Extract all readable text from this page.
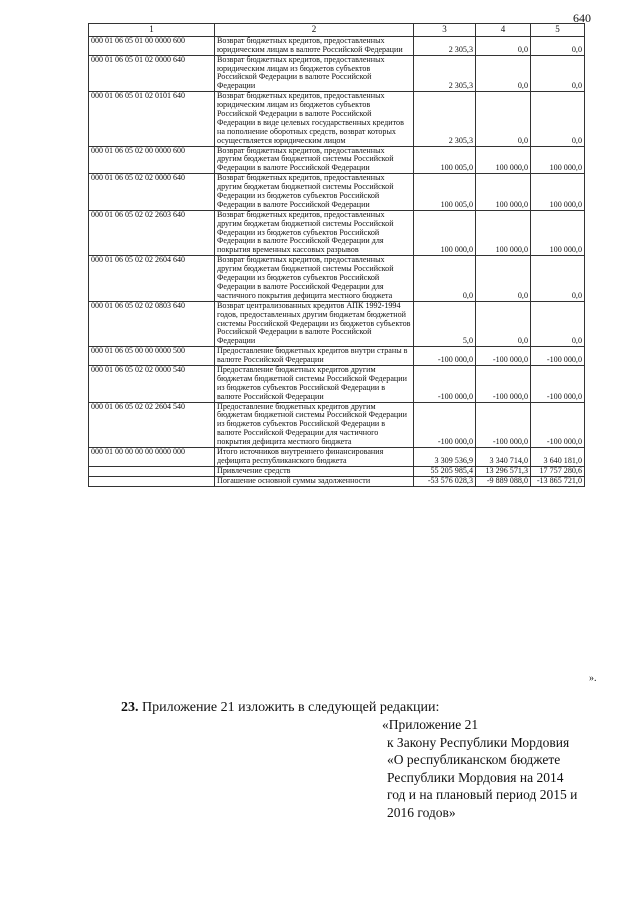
640
1	2	3	4	5
000 01 06 05 01 00 0000 600	Возврат бюджетных кредитов, предоставленных юридическим лицам в валюте Российской Федерации	2 305,3	0,0	0,0
000 01 06 05 01 02 0000 640	Возврат бюджетных кредитов, предоставленных юридическим лицам из бюджетов субъектов Российской Федерации в валюте Российской Федерации	2 305,3	0,0	0,0
000 01 06 05 01 02 0101 640	Возврат бюджетных кредитов, предоставленных юридическим лицам из бюджетов субъектов Российской Федерации в валюте Российской Федерации в виде целевых государственных кредитов на пополнение оборотных средств, возврат которых осуществляется юридическим лицом	2 305,3	0,0	0,0
000 01 06 05 02 00 0000 600	Возврат бюджетных кредитов, предоставленных другим бюджетам бюджетной системы Российской Федерации в валюте Российской Федерации	100 005,0	100 000,0	100 000,0
000 01 06 05 02 02 0000 640	Возврат бюджетных кредитов, предоставленных другим бюджетам бюджетной системы Российской Федерации из бюджетов субъектов Российской Федерации в валюте Российской Федерации	100 005,0	100 000,0	100 000,0
000 01 06 05 02 02 2603 640	Возврат бюджетных кредитов, предоставленных другим бюджетам бюджетной системы Российской Федерации из бюджетов субъектов Российской Федерации в валюте Российской Федерации для покрытия временных кассовых разрывов	100 000,0	100 000,0	100 000,0
000 01 06 05 02 02 2604 640	Возврат бюджетных кредитов, предоставленных другим бюджетам бюджетной системы Российской Федерации из бюджетов субъектов Российской Федерации в валюте Российской Федерации для частичного покрытия дефицита местного бюджета	0,0	0,0	0,0
000 01 06 05 02 02 0803 640	Возврат централизованных кредитов АПК 1992-1994 годов, предоставленных другим бюджетам бюджетной системы Российской Федерации из бюджетов субъектов Российской Федерации в валюте Российской Федерации	5,0	0,0	0,0
000 01 06 05 00 00 0000 500	Предоставление бюджетных кредитов внутри страны в валюте Российской Федерации	-100 000,0	-100 000,0	-100 000,0
000 01 06 05 02 02 0000 540	Предоставление бюджетных кредитов другим бюджетам бюджетной системы Российской Федерации из бюджетов субъектов Российской Федерации в валюте Российской Федерации	-100 000,0	-100 000,0	-100 000,0
000 01 06 05 02 02 2604 540	Предоставление бюджетных кредитов другим бюджетам бюджетной системы Российской Федерации из бюджетов субъектов Российской Федерации в валюте Российской Федерации для частичного покрытия дефицита местного бюджета	-100 000,0	-100 000,0	-100 000,0
000 01 00 00 00 00 0000 000	Итого источников внутреннего финансирования дефицита республиканского бюджета	3 309 536,9	3 340 714,0	3 640 181,0
	Привлечение средств	55 205 985,4	13 296 571,3	17 757 280,6
	Погашение основной суммы задолженности	-53 576 028,3	-9 889 088,0	-13 865 721,0
».
23. Приложение 21 изложить в следующей редакции:
«Приложение 21
к Закону Республики Мордовия
«О республиканском бюджете
Республики Мордовия на 2014
год и на плановый период 2015 и
2016 годов»
